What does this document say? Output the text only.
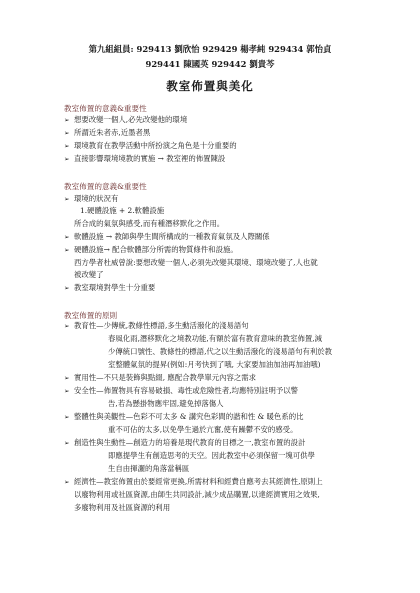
第九組組員: 929413 劉欣怡 929429 楊孝純 929434 郭怡貞
929441 陳國英 929442 劉貴芩
教室佈置與美化
教室佈置的意義&重要性
➢ 想要改變一個人,必先改變他的環境
➢ 所謂近朱者赤,近墨者黑
➢ 環境教育在教學活動中所扮演之角色是十分重要的
➢ 直接影響環境境教的實施 → 教室裡的佈置陳設
教室佈置的意義&重要性
➢ 環境的狀況有
1.硬體設施 + 2.軟體設施
所合成的氣氛與感受,而有種潛移默化之作用。
➢ 軟體設施 → 教師與學生間所構成的一種教育氣氛及人際關係
➢ 硬體設施→ 配合軟體部分所需的物質條件和設施。
西方學者杜威曾說:要想改變一個人,必須先改變其環境、環境改變了,人也就
被改變了
➢ 教室環境對學生十分重要
教室佈置的原則
➢ 教育性—少傳統,教條性標語,多生動活潑化的淺易語句
春風化雨,潛移默化之境教功能,有額於富有教育意味的教室佈置,減
少傳統口號性、教條性的標語,代之以生動活潑化的淺易語句有利於教
室整體氣氛的提昇(例如:月考快到了哦, 大家要加油加油再加油哦)
➢ 實用性—不只是裝飾與點綴, 應配合教學單元內容之需求
➢ 安全性—佈置物具有容易破損、毒性或危險性者,均應特別註明予以警
告,若為懸掛物應牢固,避免掉落傷人
➢ 整體性與美觀性—色彩不可太多 & 講究色彩間的諧和性 & 暖色系的比
重不可佔的太多,以免學生過於亢奮,使有躁鬱不安的感受。
➢ 創造性與生動性—創造力的培養是現代教育的目標之一,教室布置的設計
即應提學生有創造思考的天空。因此教室中必須保留一塊可供學
生自由揮灑的角落當稱區
➢ 經濟性—教室佈置由於要經常更換,所需材料和經費自應考去其經濟性,原則上
以廢物利用或社區資源,由師生共同設計,減少成品購置,以達經濟實用之效果,
多廢物利用及社區資源的利用
